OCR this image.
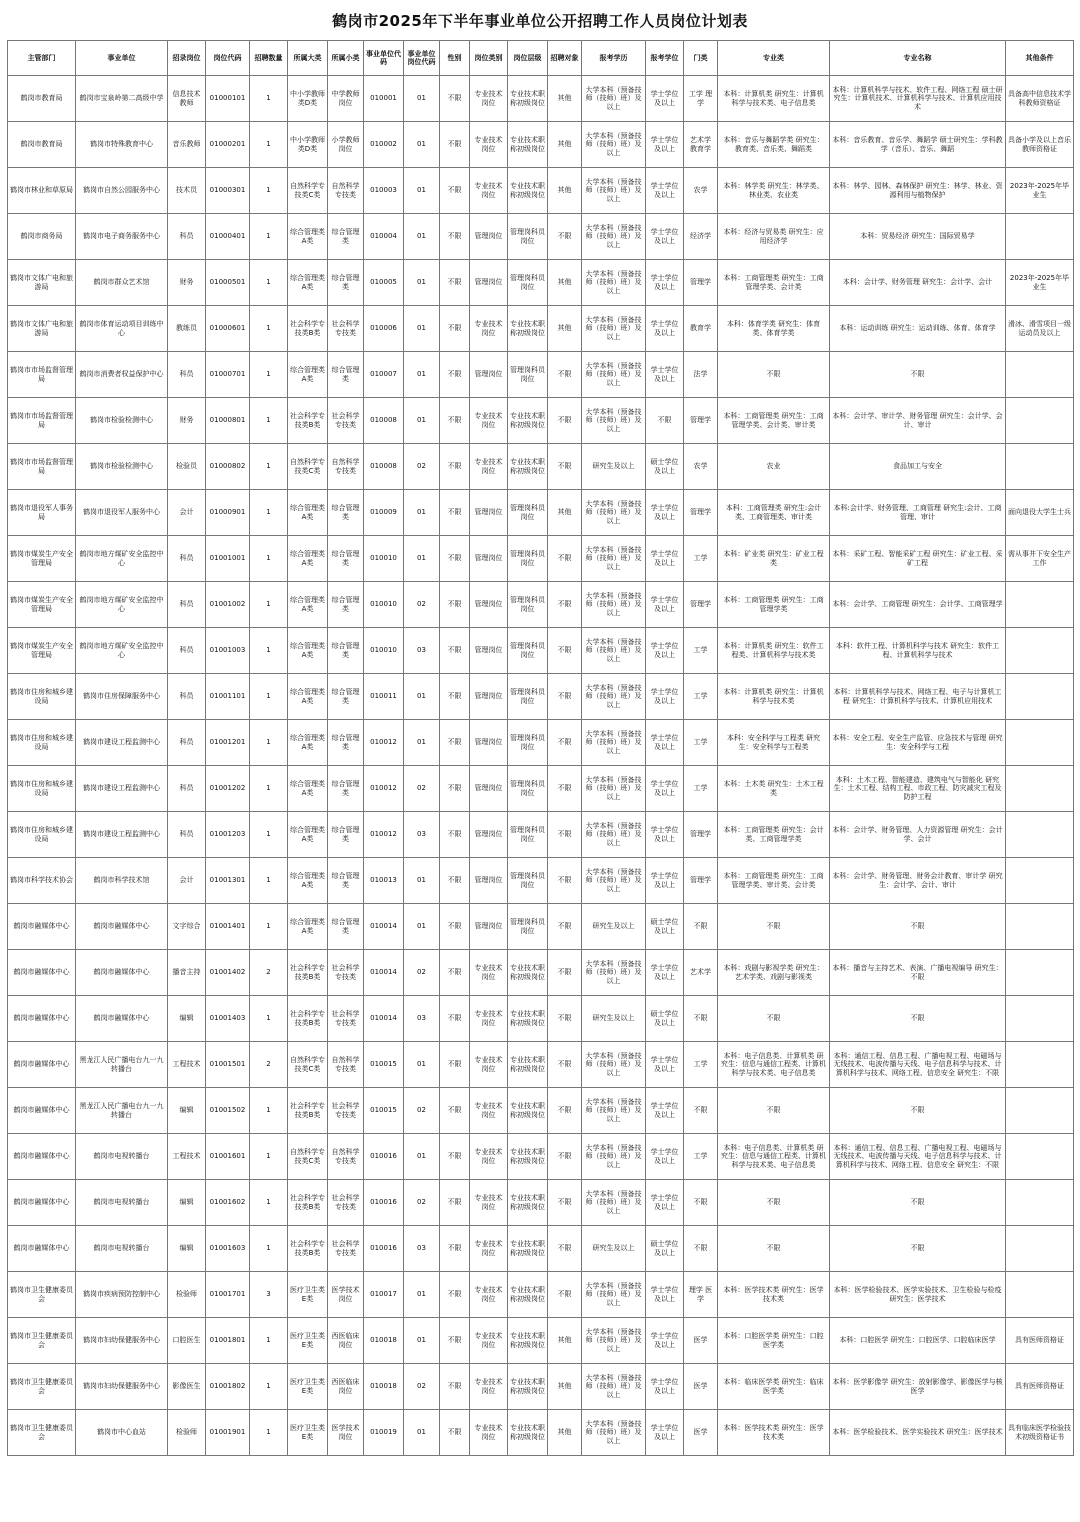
鹤岗市2025年下半年事业单位公开招聘工作人员岗位计划表
主管部门	事业单位	招录岗位	岗位代码	招聘数量	所属大类	所属小类	事业单位代码	事业单位岗位代码	性别	岗位类别	岗位层级	招聘对象	报考学历	报考学位	门类	专业类	专业名称	其他条件
鹤岗市教育局	鹤岗市宝泉岭第二高级中学	信息技术教师	01000101	1	中小学教师类D类	中学教师岗位	010001	01	不限	专业技术岗位	专业技术职称初级岗位	其他	大学本科（预备技师（技师）班）及以上	学士学位及以上	工学 理学	本科：计算机类 研究生：计算机科学与技术类、电子信息类	本科：计算机科学与技术、软件工程、网络工程 硕士研究生：计算机技术、计算机科学与技术、计算机应用技术	具备高中信息技术学科教师资格证
鹤岗市教育局	鹤岗市特殊教育中心	音乐教师	01000201	1	中小学教师类D类	小学教师岗位	010002	01	不限	专业技术岗位	专业技术职称初级岗位	其他	大学本科（预备技师（技师）班）及以上	学士学位及以上	艺术学 教育学	本科：音乐与舞蹈学类 研究生：教育类、音乐类、舞蹈类	本科：音乐教育、音乐学、舞蹈学 硕士研究生：学科教学（音乐）、音乐、舞蹈	具备小学及以上音乐教师资格证
鹤岗市林业和草原局	鹤岗市自然公园服务中心	技术员	01000301	1	自然科学专技类C类	自然科学专技类	010003	01	不限	专业技术岗位	专业技术职称初级岗位	其他	大学本科（预备技师（技师）班）及以上	学士学位及以上	农学	本科：林学类 研究生：林学类、林业类、农业类	本科：林学、园林、森林保护 研究生：林学、林业、资源利用与植物保护	2023年-2025年毕业生
鹤岗市商务局	鹤岗市电子商务服务中心	科员	01000401	1	综合管理类A类	综合管理类	010004	01	不限	管理岗位	管理岗科员岗位	不限	大学本科（预备技师（技师）班）及以上	学士学位及以上	经济学	本科：经济与贸易类 研究生：应用经济学	本科：贸易经济 研究生：国际贸易学	
鹤岗市文体广电和旅游局	鹤岗市群众艺术馆	财务	01000501	1	综合管理类A类	综合管理类	010005	01	不限	管理岗位	管理岗科员岗位	其他	大学本科（预备技师（技师）班）及以上	学士学位及以上	管理学	本科：工商管理类 研究生：工商管理学类、会计类	本科：会计学、财务管理 研究生：会计学、会计	2023年-2025年毕业生
鹤岗市文体广电和旅游局	鹤岗市体育运动项目训练中心	教练员	01000601	1	社会科学专技类B类	社会科学专技类	010006	01	不限	专业技术岗位	专业技术职称初级岗位	其他	大学本科（预备技师（技师）班）及以上	学士学位及以上	教育学	本科：体育学类 研究生：体育类、体育学类	本科：运动训练 研究生：运动训练、体育、体育学	滑冰、滑雪项目一级运动员及以上
鹤岗市市场监督管理局	鹤岗市消费者权益保护中心	科员	01000701	1	综合管理类A类	综合管理类	010007	01	不限	管理岗位	管理岗科员岗位	不限	大学本科（预备技师（技师）班）及以上	学士学位及以上	法学	不限	不限	
鹤岗市市场监督管理局	鹤岗市检验检测中心	财务	01000801	1	社会科学专技类B类	社会科学专技类	010008	01	不限	专业技术岗位	专业技术职称初级岗位	不限	大学本科（预备技师（技师）班）及以上	不限	管理学	本科：工商管理类 研究生：工商管理学类、会计类、审计类	本科：会计学、审计学、财务管理 研究生：会计学、会计、审计	
鹤岗市市场监督管理局	鹤岗市检验检测中心	检验员	01000802	1	自然科学专技类C类	自然科学专技类	010008	02	不限	专业技术岗位	专业技术职称初级岗位	不限	研究生及以上	硕士学位及以上	农学	农业	食品加工与安全	
鹤岗市退役军人事务局	鹤岗市退役军人服务中心	会计	01000901	1	综合管理类A类	综合管理类	010009	01	不限	管理岗位	管理岗科员岗位	其他	大学本科（预备技师（技师）班）及以上	学士学位及以上	管理学	本科：工商管理类 研究生:会计类、工商管理类、审计类	本科:会计学、财务管理、工商管理 研究生:会计、工商管理、审计	面向退役大学生士兵
鹤岗市煤炭生产安全管理局	鹤岗市地方煤矿安全监控中心	科员	01001001	1	综合管理类A类	综合管理类	010010	01	不限	管理岗位	管理岗科员岗位	不限	大学本科（预备技师（技师）班）及以上	学士学位及以上	工学	本科：矿业类 研究生：矿业工程类	本科：采矿工程、智能采矿工程 研究生：矿业工程、采矿工程	需从事井下安全生产工作
鹤岗市煤炭生产安全管理局	鹤岗市地方煤矿安全监控中心	科员	01001002	1	综合管理类A类	综合管理类	010010	02	不限	管理岗位	管理岗科员岗位	不限	大学本科（预备技师（技师）班）及以上	学士学位及以上	管理学	本科：工商管理类 研究生：工商管理学类	本科：会计学、工商管理 研究生：会计学、工商管理学	
鹤岗市煤炭生产安全管理局	鹤岗市地方煤矿安全监控中心	科员	01001003	1	综合管理类A类	综合管理类	010010	03	不限	管理岗位	管理岗科员岗位	不限	大学本科（预备技师（技师）班）及以上	学士学位及以上	工学	本科：计算机类 研究生：软件工程类、计算机科学与技术类	本科：软件工程、计算机科学与技术 研究生：软件工程、计算机科学与技术	
鹤岗市住房和城乡建设局	鹤岗市住房保障服务中心	科员	01001101	1	综合管理类A类	综合管理类	010011	01	不限	管理岗位	管理岗科员岗位	不限	大学本科（预备技师（技师）班）及以上	学士学位及以上	工学	本科：计算机类 研究生：计算机科学与技术类	本科：计算机科学与技术、网络工程、电子与计算机工程 研究生：计算机科学与技术、计算机应用技术	
鹤岗市住房和城乡建设局	鹤岗市建设工程监测中心	科员	01001201	1	综合管理类A类	综合管理类	010012	01	不限	管理岗位	管理岗科员岗位	不限	大学本科（预备技师（技师）班）及以上	学士学位及以上	工学	本科：安全科学与工程类 研究生：安全科学与工程类	本科：安全工程、安全生产监管、应急技术与管理 研究生：安全科学与工程	
鹤岗市住房和城乡建设局	鹤岗市建设工程监测中心	科员	01001202	1	综合管理类A类	综合管理类	010012	02	不限	管理岗位	管理岗科员岗位	不限	大学本科（预备技师（技师）班）及以上	学士学位及以上	工学	本科：土木类 研究生：土木工程类	本科：土木工程、智能建造、建筑电气与智能化 研究生：土木工程、结构工程、市政工程、防灾减灾工程及防护工程	
鹤岗市住房和城乡建设局	鹤岗市建设工程监测中心	科员	01001203	1	综合管理类A类	综合管理类	010012	03	不限	管理岗位	管理岗科员岗位	不限	大学本科（预备技师（技师）班）及以上	学士学位及以上	管理学	本科：工商管理类 研究生：会计类、工商管理学类	本科：会计学、财务管理、人力资源管理 研究生：会计学、会计	
鹤岗市科学技术协会	鹤岗市科学技术馆	会计	01001301	1	综合管理类A类	综合管理类	010013	01	不限	管理岗位	管理岗科员岗位	不限	大学本科（预备技师（技师）班）及以上	学士学位及以上	管理学	本科：工商管理类 研究生：工商管理学类、审计类、会计类	本科：会计学、财务管理、财务会计教育、审计学 研究生：会计学、会计、审计	
鹤岗市融媒体中心	鹤岗市融媒体中心	文字综合	01001401	1	综合管理类A类	综合管理类	010014	01	不限	管理岗位	管理岗科员岗位	不限	研究生及以上	硕士学位及以上	不限	不限	不限	
鹤岗市融媒体中心	鹤岗市融媒体中心	播音主持	01001402	2	社会科学专技类B类	社会科学专技类	010014	02	不限	专业技术岗位	专业技术职称初级岗位	不限	大学本科（预备技师（技师）班）及以上	学士学位及以上	艺术学	本科：戏剧与影视学类 研究生：艺术学类、戏剧与影视类	本科：播音与主持艺术、表演、广播电视编导 研究生：不限	
鹤岗市融媒体中心	鹤岗市融媒体中心	编辑	01001403	1	社会科学专技类B类	社会科学专技类	010014	03	不限	专业技术岗位	专业技术职称初级岗位	不限	研究生及以上	硕士学位及以上	不限	不限	不限	
鹤岗市融媒体中心	黑龙江人民广播电台九一九转播台	工程技术	01001501	2	自然科学专技类C类	自然科学专技类	010015	01	不限	专业技术岗位	专业技术职称初级岗位	不限	大学本科（预备技师（技师）班）及以上	学士学位及以上	工学	本科：电子信息类、计算机类 研究生：信息与通信工程类、计算机科学与技术类、电子信息类	本科：通信工程、信息工程、广播电视工程、电磁场与无线技术、电波传播与天线、电子信息科学与技术、计算机科学与技术、网络工程、信息安全 研究生：不限	
鹤岗市融媒体中心	黑龙江人民广播电台九一九转播台	编辑	01001502	1	社会科学专技类B类	社会科学专技类	010015	02	不限	专业技术岗位	专业技术职称初级岗位	不限	大学本科（预备技师（技师）班）及以上	学士学位及以上	不限	不限	不限	
鹤岗市融媒体中心	鹤岗市电视转播台	工程技术	01001601	1	自然科学专技类C类	自然科学专技类	010016	01	不限	专业技术岗位	专业技术职称初级岗位	不限	大学本科（预备技师（技师）班）及以上	学士学位及以上	工学	本科：电子信息类、计算机类 研究生：信息与通信工程类、计算机科学与技术类、电子信息类	本科：通信工程、信息工程、广播电视工程、电磁场与无线技术、电波传播与天线、电子信息科学与技术、计算机科学与技术、网络工程、信息安全 研究生：不限	
鹤岗市融媒体中心	鹤岗市电视转播台	编辑	01001602	1	社会科学专技类B类	社会科学专技类	010016	02	不限	专业技术岗位	专业技术职称初级岗位	不限	大学本科（预备技师（技师）班）及以上	学士学位及以上	不限	不限	不限	
鹤岗市融媒体中心	鹤岗市电视转播台	编辑	01001603	1	社会科学专技类B类	社会科学专技类	010016	03	不限	专业技术岗位	专业技术职称初级岗位	不限	研究生及以上	硕士学位及以上	不限	不限	不限	
鹤岗市卫生健康委员会	鹤岗市疾病预防控制中心	检验师	01001701	3	医疗卫生类E类	医学技术岗位	010017	01	不限	专业技术岗位	专业技术职称初级岗位	不限	大学本科（预备技师（技师）班）及以上	学士学位及以上	理学 医学	本科：医学技术类 研究生：医学技术类	本科：医学检验技术、医学实验技术、卫生检验与检疫 研究生：医学技术	
鹤岗市卫生健康委员会	鹤岗市妇幼保健服务中心	口腔医生	01001801	1	医疗卫生类E类	西医临床岗位	010018	01	不限	专业技术岗位	专业技术职称初级岗位	其他	大学本科（预备技师（技师）班）及以上	学士学位及以上	医学	本科：口腔医学类 研究生：口腔医学类	本科：口腔医学 研究生：口腔医学、口腔临床医学	具有医师资格证
鹤岗市卫生健康委员会	鹤岗市妇幼保健服务中心	影像医生	01001802	1	医疗卫生类E类	西医临床岗位	010018	02	不限	专业技术岗位	专业技术职称初级岗位	其他	大学本科（预备技师（技师）班）及以上	学士学位及以上	医学	本科：临床医学类 研究生：临床医学类	本科：医学影像学 研究生：放射影像学、影像医学与核医学	具有医师资格证
鹤岗市卫生健康委员会	鹤岗市中心血站	检验师	01001901	1	医疗卫生类E类	医学技术岗位	010019	01	不限	专业技术岗位	专业技术职称初级岗位	其他	大学本科（预备技师（技师）班）及以上	学士学位及以上	医学	本科：医学技术类 研究生：医学技术类	本科：医学检验技术、医学实验技术 研究生：医学技术	具有临床医学检验技术初级资格证书
